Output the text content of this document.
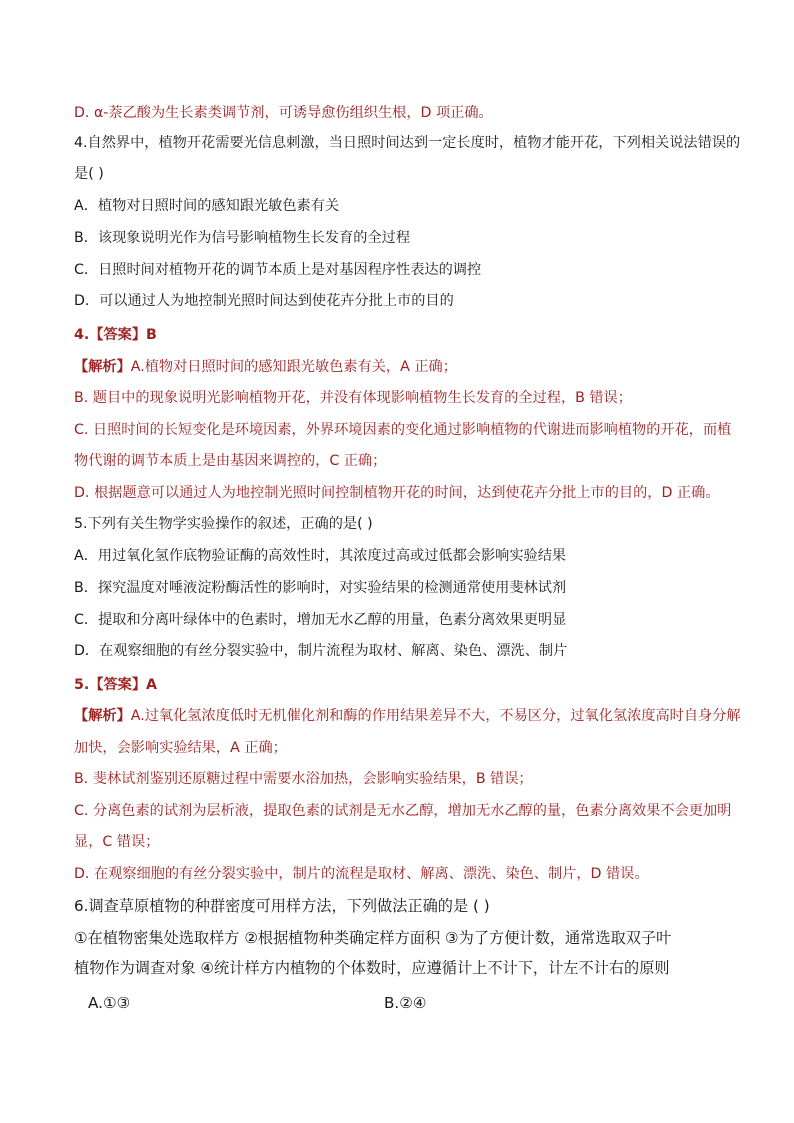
D. α-萘乙酸为生长素类调节剂，可诱导愈伤组织生根，D 项正确。
4.自然界中，植物开花需要光信息刺激，当日照时间达到一定长度时，植物才能开花，下列相关说法错误的
是( )
A．植物对日照时间的感知跟光敏色素有关
B．该现象说明光作为信号影响植物生长发育的全过程
C．日照时间对植物开花的调节本质上是对基因程序性表达的调控
D．可以通过人为地控制光照时间达到使花卉分批上市的目的
4.【答案】B
【解析】A.植物对日照时间的感知跟光敏色素有关，A 正确；
B. 题目中的现象说明光影响植物开花，并没有体现影响植物生长发育的全过程，B 错误；
C. 日照时间的长短变化是环境因素，外界环境因素的变化通过影响植物的代谢进而影响植物的开花，而植
物代谢的调节本质上是由基因来调控的，C 正确；
D. 根据题意可以通过人为地控制光照时间控制植物开花的时间，达到使花卉分批上市的目的，D 正确。
5.下列有关生物学实验操作的叙述，正确的是( )
A．用过氧化氢作底物验证酶的高效性时，其浓度过高或过低都会影响实验结果
B．探究温度对唾液淀粉酶活性的影响时，对实验结果的检测通常使用斐林试剂
C．提取和分离叶绿体中的色素时，增加无水乙醇的用量，色素分离效果更明显
D．在观察细胞的有丝分裂实验中，制片流程为取材、解离、染色、漂洗、制片
5.【答案】A
【解析】A.过氧化氢浓度低时无机催化剂和酶的作用结果差异不大，不易区分，过氧化氢浓度高时自身分解
加快，会影响实验结果，A 正确；
B. 斐林试剂鉴别还原糖过程中需要水浴加热，会影响实验结果，B 错误；
C. 分离色素的试剂为层析液，提取色素的试剂是无水乙醇，增加无水乙醇的量，色素分离效果不会更加明
显，C 错误；
D. 在观察细胞的有丝分裂实验中，制片的流程是取材、解离、漂洗、染色、制片，D 错误。
6.调查草原植物的种群密度可用样方法，下列做法正确的是 ( )
①在植物密集处选取样方 ②根据植物种类确定样方面积 ③为了方便计数，通常选取双子叶
植物作为调查对象 ④统计样方内植物的个体数时，应遵循计上不计下，计左不计右的原则
A.①③	B.②④
